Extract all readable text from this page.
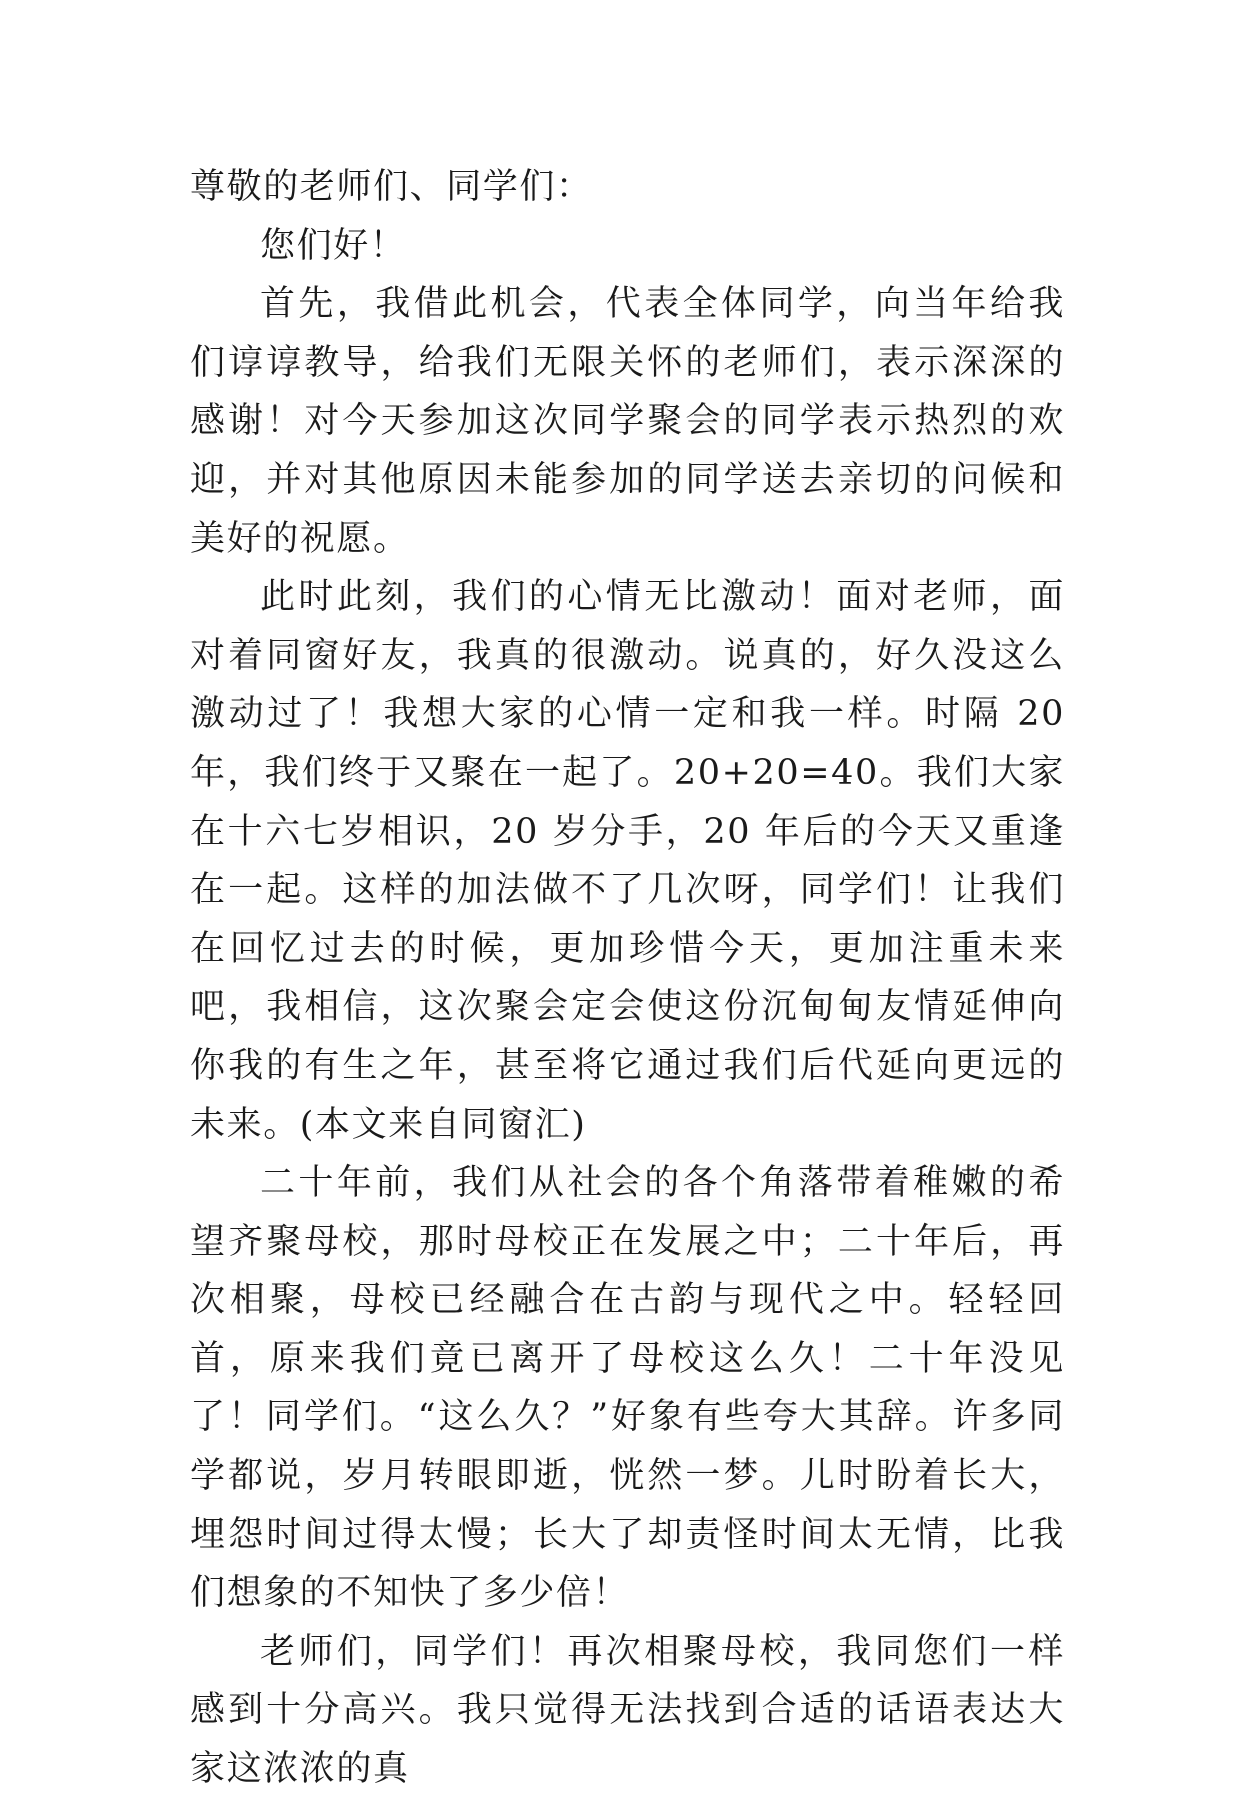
尊敬的老师们、同学们：

您们好！

首先，我借此机会，代表全体同学，向当年给我们谆谆教导，给我们无限关怀的老师们，表示深深的感谢！对今天参加这次同学聚会的同学表示热烈的欢迎，并对其他原因未能参加的同学送去亲切的问候和美好的祝愿。

此时此刻，我们的心情无比激动！面对老师，面对着同窗好友，我真的很激动。说真的，好久没这么激动过了！我想大家的心情一定和我一样。时隔 20 年，我们终于又聚在一起了。20+20=40。我们大家在十六七岁相识，20 岁分手，20 年后的今天又重逢在一起。这样的加法做不了几次呀，同学们！让我们在回忆过去的时候，更加珍惜今天，更加注重未来吧，我相信，这次聚会定会使这份沉甸甸友情延伸向你我的有生之年，甚至将它通过我们后代延向更远的未来。(本文来自同窗汇)

二十年前，我们从社会的各个角落带着稚嫩的希望齐聚母校，那时母校正在发展之中；二十年后，再次相聚，母校已经融合在古韵与现代之中。轻轻回首，原来我们竟已离开了母校这么久！二十年没见了！同学们。“这么久？”好象有些夸大其辞。许多同学都说，岁月转眼即逝，恍然一梦。儿时盼着长大，埋怨时间过得太慢；长大了却责怪时间太无情，比我们想象的不知快了多少倍！

老师们，同学们！再次相聚母校，我同您们一样感到十分高兴。我只觉得无法找到合适的话语表达大家这浓浓的真
